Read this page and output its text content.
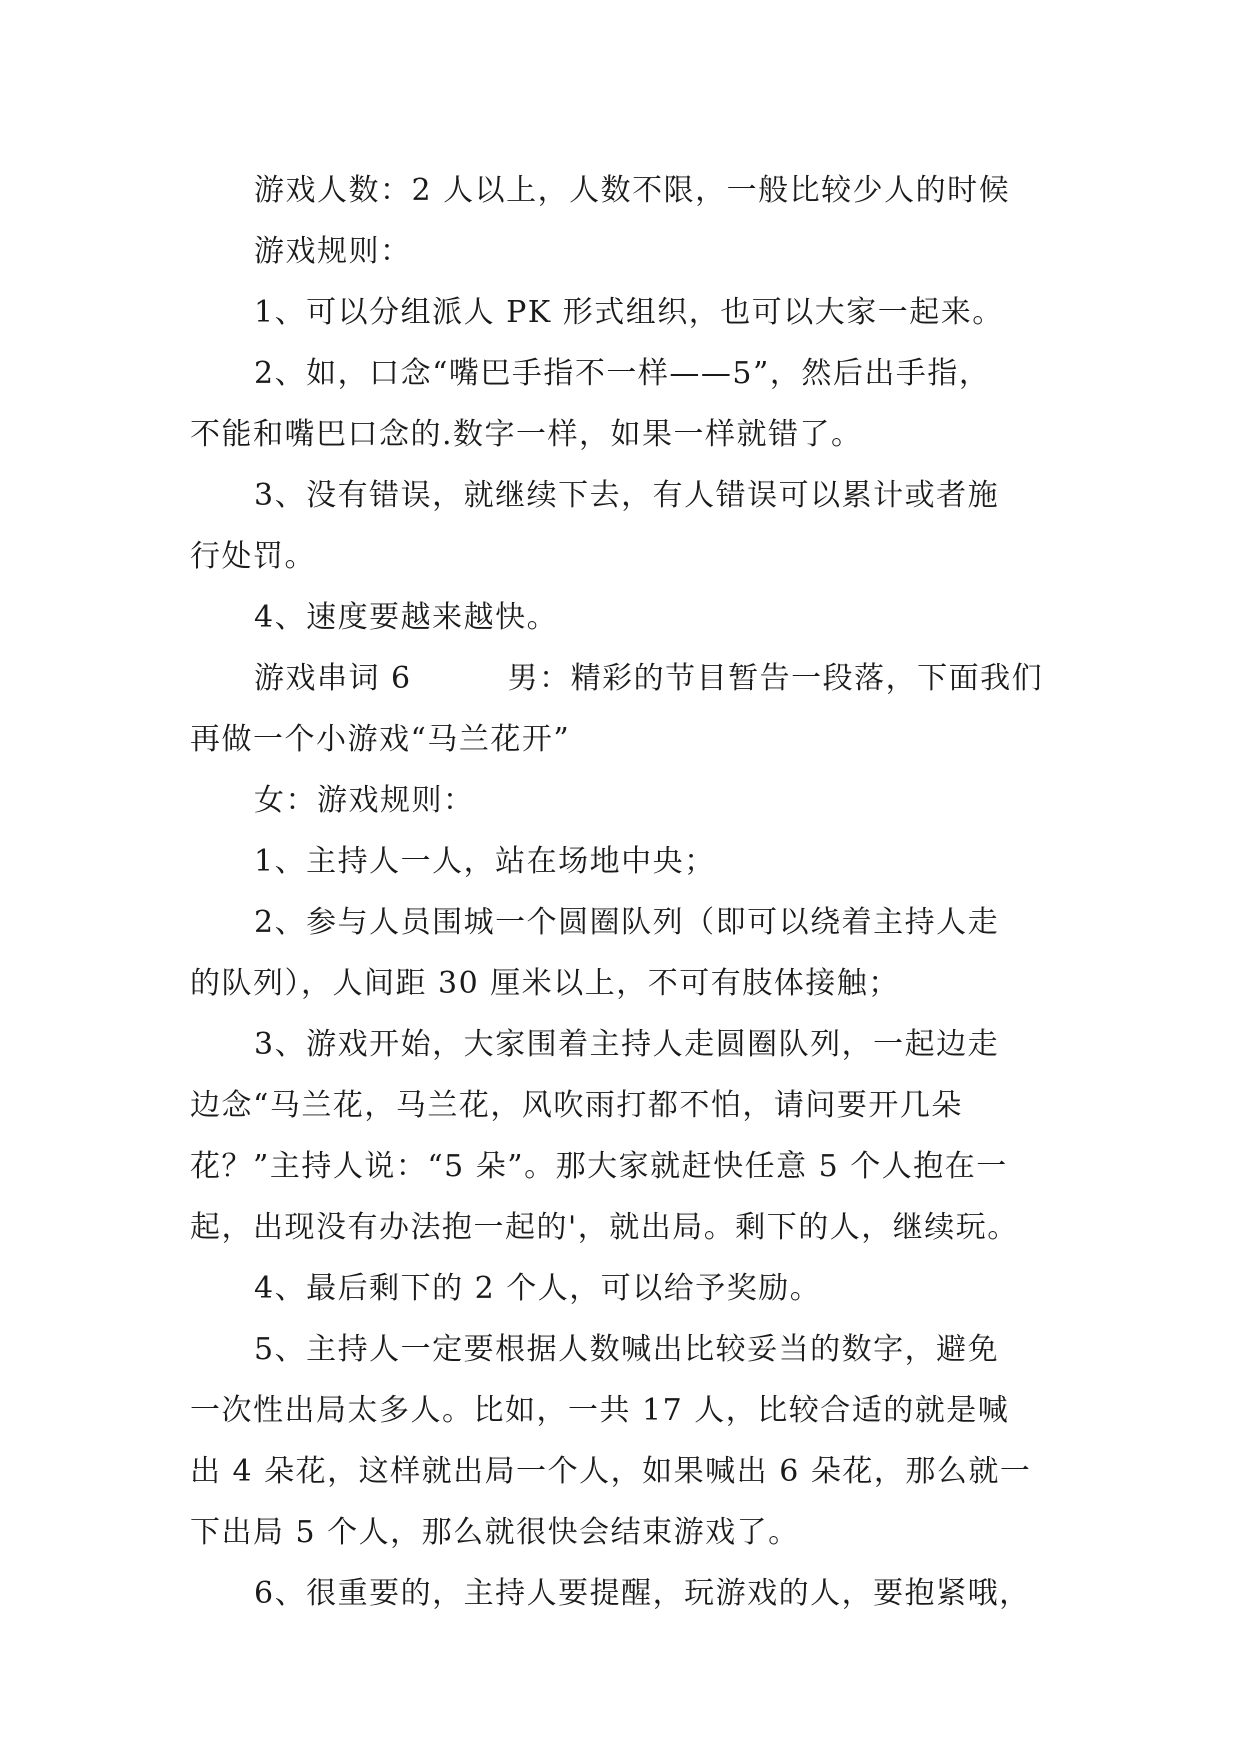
游戏人数：2 人以上，人数不限，一般比较少人的时候

游戏规则：

1、可以分组派人 PK 形式组织，也可以大家一起来。

2、如，口念“嘴巴手指不一样——5”，然后出手指，
不能和嘴巴口念的.数字一样，如果一样就错了。

3、没有错误，就继续下去，有人错误可以累计或者施
行处罚。

4、速度要越来越快。

游戏串词 6	男：精彩的节目暂告一段落，下面我们
再做一个小游戏“马兰花开”

女：游戏规则：

1、主持人一人，站在场地中央；

2、参与人员围城一个圆圈队列（即可以绕着主持人走
的队列），人间距 30 厘米以上，不可有肢体接触；

3、游戏开始，大家围着主持人走圆圈队列，一起边走
边念“马兰花，马兰花，风吹雨打都不怕，请问要开几朵
花？”主持人说：“5 朵”。那大家就赶快任意 5 个人抱在一
起，出现没有办法抱一起的'，就出局。剩下的人，继续玩。

4、最后剩下的 2 个人，可以给予奖励。

5、主持人一定要根据人数喊出比较妥当的数字，避免
一次性出局太多人。比如，一共 17 人，比较合适的就是喊
出 4 朵花，这样就出局一个人，如果喊出 6 朵花，那么就一
下出局 5 个人，那么就很快会结束游戏了。

6、很重要的，主持人要提醒，玩游戏的人，要抱紧哦，
